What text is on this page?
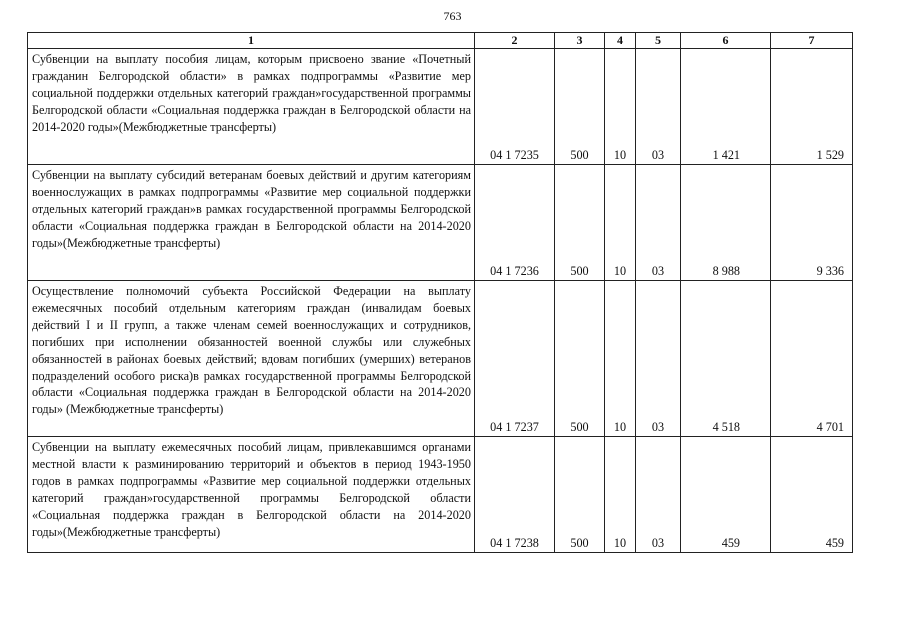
763
1	2	3	4	5	6	7
Субвенции на выплату пособия лицам, которым присвоено звание «Почетный гражданин Белгородской области» в рамках подпрограммы «Развитие мер социальной поддержки отдельных категорий граждан»государственной программы Белгородской области «Социальная поддержка граждан в Белгородской области на 2014-2020 годы»(Межбюджетные трансферты)	04 1 7235	500	10	03	1 421	1 529
Субвенции на выплату субсидий ветеранам боевых действий и другим категориям военнослужащих в рамках подпрограммы «Развитие мер социальной поддержки отдельных категорий граждан»в рамках государственной программы Белгородской области «Социальная поддержка граждан в Белгородской области на 2014-2020 годы»(Межбюджетные трансферты)	04 1 7236	500	10	03	8 988	9 336
Осуществление полномочий субъекта Российской Федерации на выплату ежемесячных пособий отдельным категориям граждан (инвалидам боевых действий I и II групп, а также членам семей военнослужащих и сотрудников, погибших при исполнении обязанностей военной службы или служебных обязанностей в районах боевых действий; вдовам погибших (умерших) ветеранов подразделений особого риска)в рамках государственной программы Белгородской области «Социальная поддержка граждан в Белгородской области на 2014-2020 годы» (Межбюджетные трансферты)	04 1 7237	500	10	03	4 518	4 701
Субвенции на выплату ежемесячных пособий лицам, привлекавшимся органами местной власти к разминированию территорий и объектов в период 1943-1950 годов в рамках подпрограммы «Развитие мер социальной поддержки отдельных категорий граждан»государственной программы Белгородской области «Социальная поддержка граждан в Белгородской области на 2014-2020 годы»(Межбюджетные трансферты)	04 1 7238	500	10	03	459	459
